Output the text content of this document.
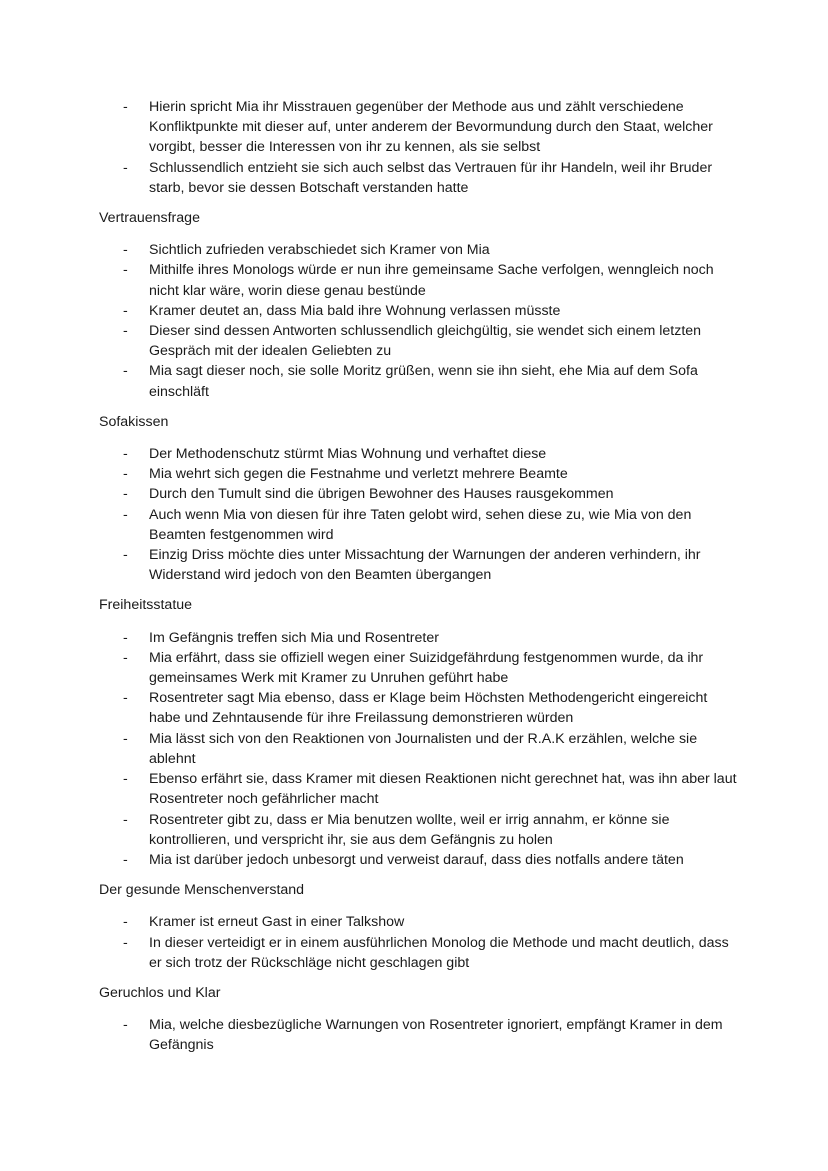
- Hierin spricht Mia ihr Misstrauen gegenüber der Methode aus und zählt verschiedene Konfliktpunkte mit dieser auf, unter anderem der Bevormundung durch den Staat, welcher vorgibt, besser die Interessen von ihr zu kennen, als sie selbst
- Schlussendlich entzieht sie sich auch selbst das Vertrauen für ihr Handeln, weil ihr Bruder starb, bevor sie dessen Botschaft verstanden hatte
Vertrauensfrage
- Sichtlich zufrieden verabschiedet sich Kramer von Mia
- Mithilfe ihres Monologs würde er nun ihre gemeinsame Sache verfolgen, wenngleich noch nicht klar wäre, worin diese genau bestünde
- Kramer deutet an, dass Mia bald ihre Wohnung verlassen müsste
- Dieser sind dessen Antworten schlussendlich gleichgültig, sie wendet sich einem letzten Gespräch mit der idealen Geliebten zu
- Mia sagt dieser noch, sie solle Moritz grüßen, wenn sie ihn sieht, ehe Mia auf dem Sofa einschläft
Sofakissen
- Der Methodenschutz stürmt Mias Wohnung und verhaftet diese
- Mia wehrt sich gegen die Festnahme und verletzt mehrere Beamte
- Durch den Tumult sind die übrigen Bewohner des Hauses rausgekommen
- Auch wenn Mia von diesen für ihre Taten gelobt wird, sehen diese zu, wie Mia von den Beamten festgenommen wird
- Einzig Driss möchte dies unter Missachtung der Warnungen der anderen verhindern, ihr Widerstand wird jedoch von den Beamten übergangen
Freiheitsstatue
- Im Gefängnis treffen sich Mia und Rosentreter
- Mia erfährt, dass sie offiziell wegen einer Suizidgefährdung festgenommen wurde, da ihr gemeinsames Werk mit Kramer zu Unruhen geführt habe
- Rosentreter sagt Mia ebenso, dass er Klage beim Höchsten Methodengericht eingereicht habe und Zehntausende für ihre Freilassung demonstrieren würden
- Mia lässt sich von den Reaktionen von Journalisten und der R.A.K erzählen, welche sie ablehnt
- Ebenso erfährt sie, dass Kramer mit diesen Reaktionen nicht gerechnet hat, was ihn aber laut Rosentreter noch gefährlicher macht
- Rosentreter gibt zu, dass er Mia benutzen wollte, weil er irrig annahm, er könne sie kontrollieren, und verspricht ihr, sie aus dem Gefängnis zu holen
- Mia ist darüber jedoch unbesorgt und verweist darauf, dass dies notfalls andere täten
Der gesunde Menschenverstand
- Kramer ist erneut Gast in einer Talkshow
- In dieser verteidigt er in einem ausführlichen Monolog die Methode und macht deutlich, dass er sich trotz der Rückschläge nicht geschlagen gibt
Geruchlos und Klar
- Mia, welche diesbezügliche Warnungen von Rosentreter ignoriert, empfängt Kramer in dem Gefängnis
